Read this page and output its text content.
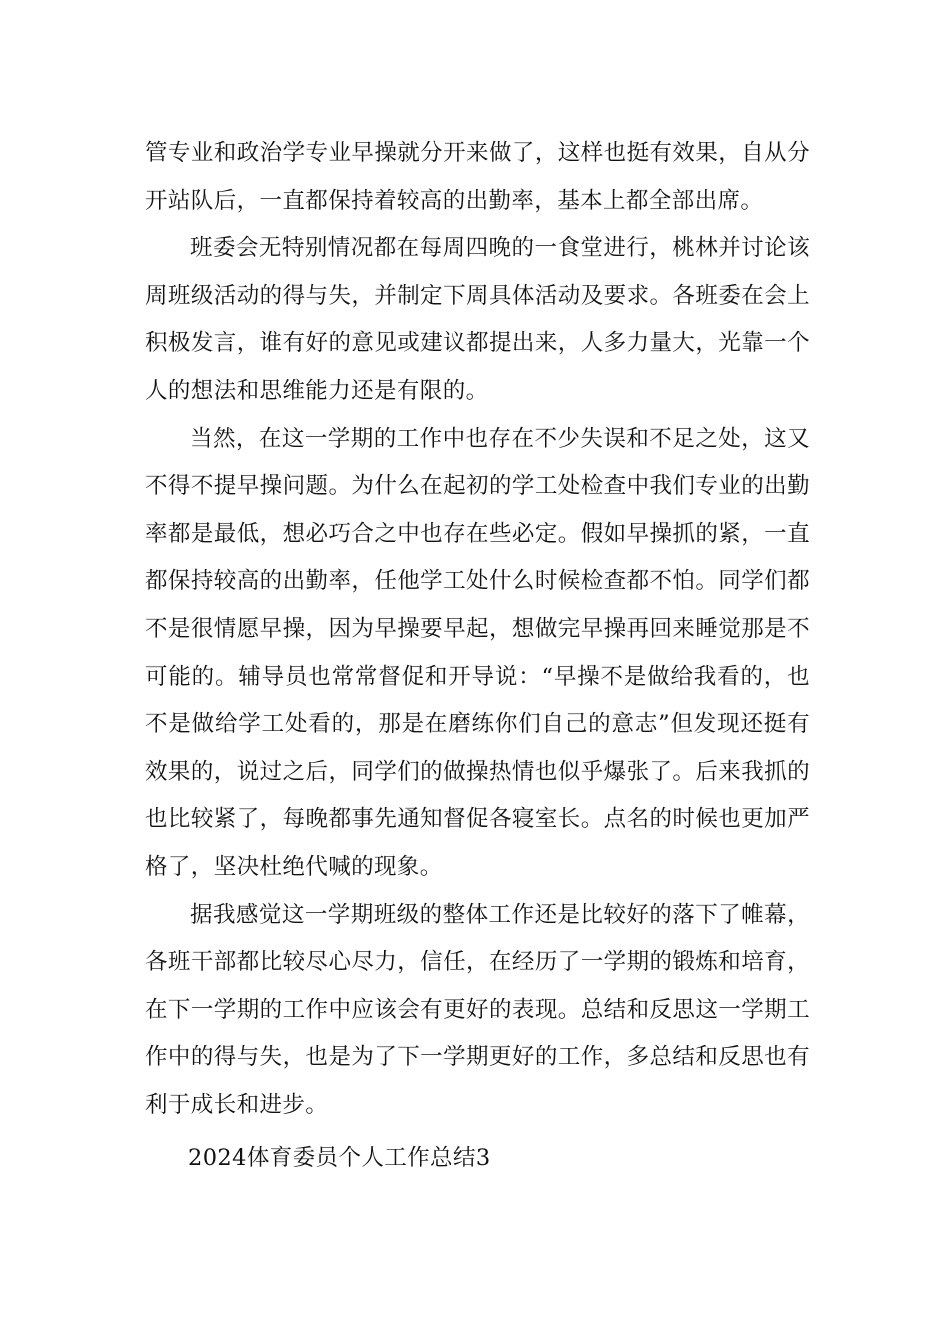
管专业和政治学专业早操就分开来做了，这样也挺有效果，自从分开站队后，一直都保持着较高的出勤率，基本上都全部出席。

班委会无特别情况都在每周四晚的一食堂进行，桃林并讨论该周班级活动的得与失，并制定下周具体活动及要求。各班委在会上积极发言，谁有好的意见或建议都提出来，人多力量大，光靠一个人的想法和思维能力还是有限的。

当然，在这一学期的工作中也存在不少失误和不足之处，这又不得不提早操问题。为什么在起初的学工处检查中我们专业的出勤率都是最低，想必巧合之中也存在些必定。假如早操抓的紧，一直都保持较高的出勤率，任他学工处什么时候检查都不怕。同学们都不是很情愿早操，因为早操要早起，想做完早操再回来睡觉那是不可能的。辅导员也常常督促和开导说：“早操不是做给我看的，也不是做给学工处看的，那是在磨练你们自己的意志”但发现还挺有效果的，说过之后，同学们的做操热情也似乎爆张了。后来我抓的也比较紧了，每晚都事先通知督促各寝室长。点名的时候也更加严格了，坚决杜绝代喊的现象。

据我感觉这一学期班级的整体工作还是比较好的落下了帷幕，各班干部都比较尽心尽力，信任，在经历了一学期的锻炼和培育，在下一学期的工作中应该会有更好的表现。总结和反思这一学期工作中的得与失，也是为了下一学期更好的工作，多总结和反思也有利于成长和进步。

2024体育委员个人工作总结3
